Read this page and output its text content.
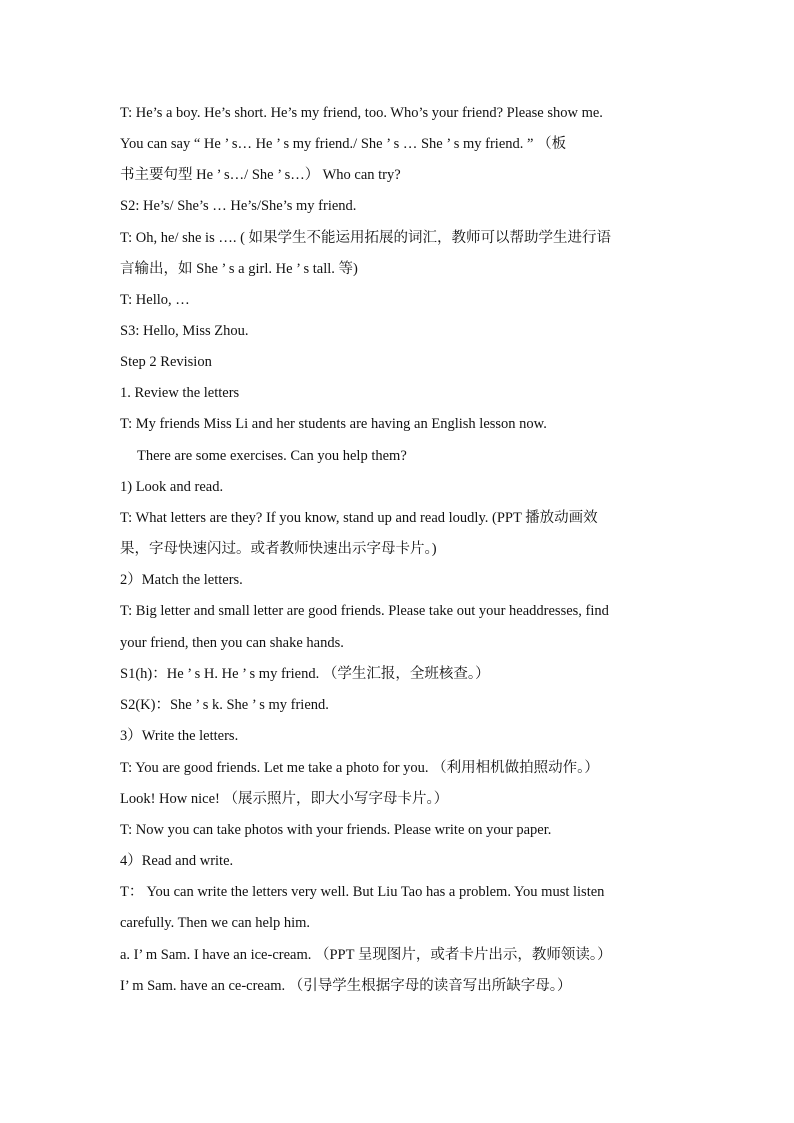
T: He’s a boy. He’s short. He’s my friend, too. Who’s your friend? Please show me.
You can say “ He ’ s… He ’ s my friend./ She ’ s … She ’ s my friend. ” （板
书主要句型 He ’ s…/ She ’ s…） Who can try?
S2: He’s/ She’s … He’s/She’s my friend.
T: Oh, he/ she is …. ( 如果学生不能运用拓展的词汇，教师可以帮助学生进行语
言输出，如 She ’ s a girl. He ’ s tall. 等)
T: Hello, …
S3: Hello, Miss Zhou.
Step 2 Revision
1. Review the letters
T: My friends Miss Li and her students are having an English lesson now.
There are some exercises. Can you help them?
1) Look and read.
T: What letters are they? If you know, stand up and read loudly. (PPT 播放动画效
果，字母快速闪过。或者教师快速出示字母卡片。)
2）Match the letters.
T: Big letter and small letter are good friends. Please take out your headdresses, find
your friend, then you can shake hands.
S1(h)：He ’ s H. He ’ s my friend. （学生汇报，全班核查。）
S2(K)：She ’ s k. She ’ s my friend.
3）Write the letters.
T: You are good friends. Let me take a photo for you. （利用相机做拍照动作。）
Look! How nice! （展示照片，即大小写字母卡片。）
T: Now you can take photos with your friends. Please write on your paper.
4）Read and write.
T： You can write the letters very well. But Liu Tao has a problem. You must listen
carefully. Then we can help him.
a. I’ m Sam. I have an ice-cream. （PPT 呈现图片，或者卡片出示，教师领读。）
I’ m Sam. have an ce-cream. （引导学生根据字母的读音写出所缺字母。）
